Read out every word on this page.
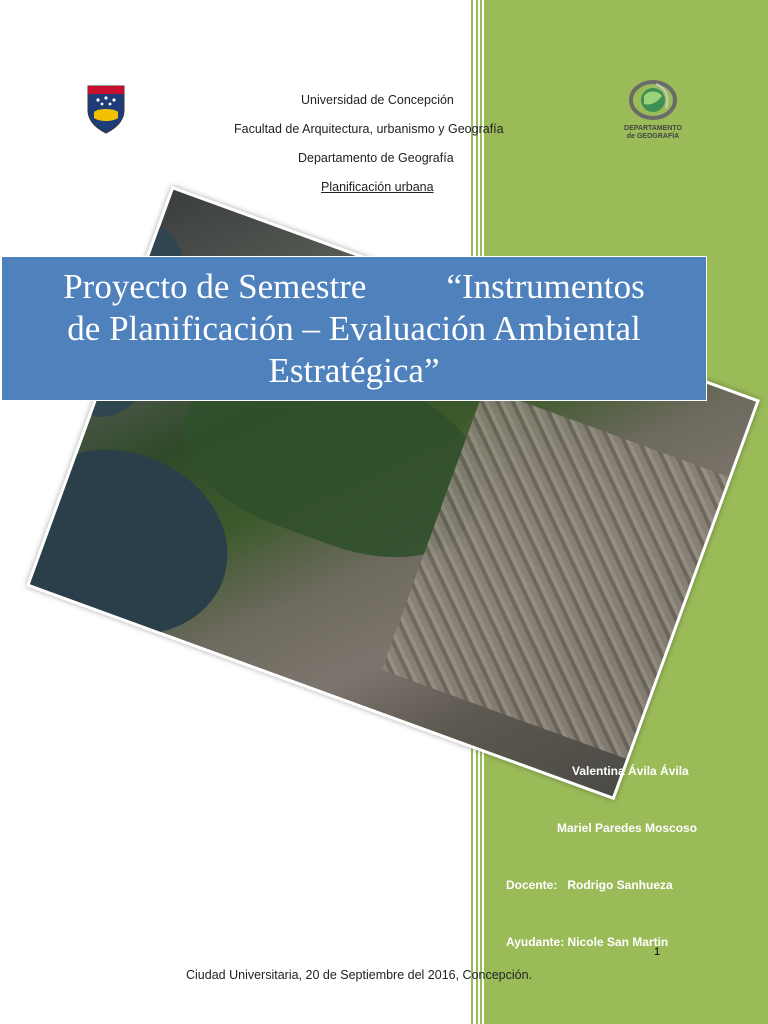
DEPARTAMENTO de GEOGRAFÍA
Universidad de Concepción
Facultad de Arquitectura, urbanismo y Geografía
Departamento de Geografía
Planificación urbana
Proyecto de Semestre “Instrumentos
de Planificación – Evaluación Ambiental
Estratégica”
Valentina Ávila Ávila
Mariel Paredes Moscoso
Docente: Rodrigo Sanhueza
Ayudante: Nicole San Martin
1
Ciudad Universitaria, 20 de Septiembre del 2016, Concepción.
